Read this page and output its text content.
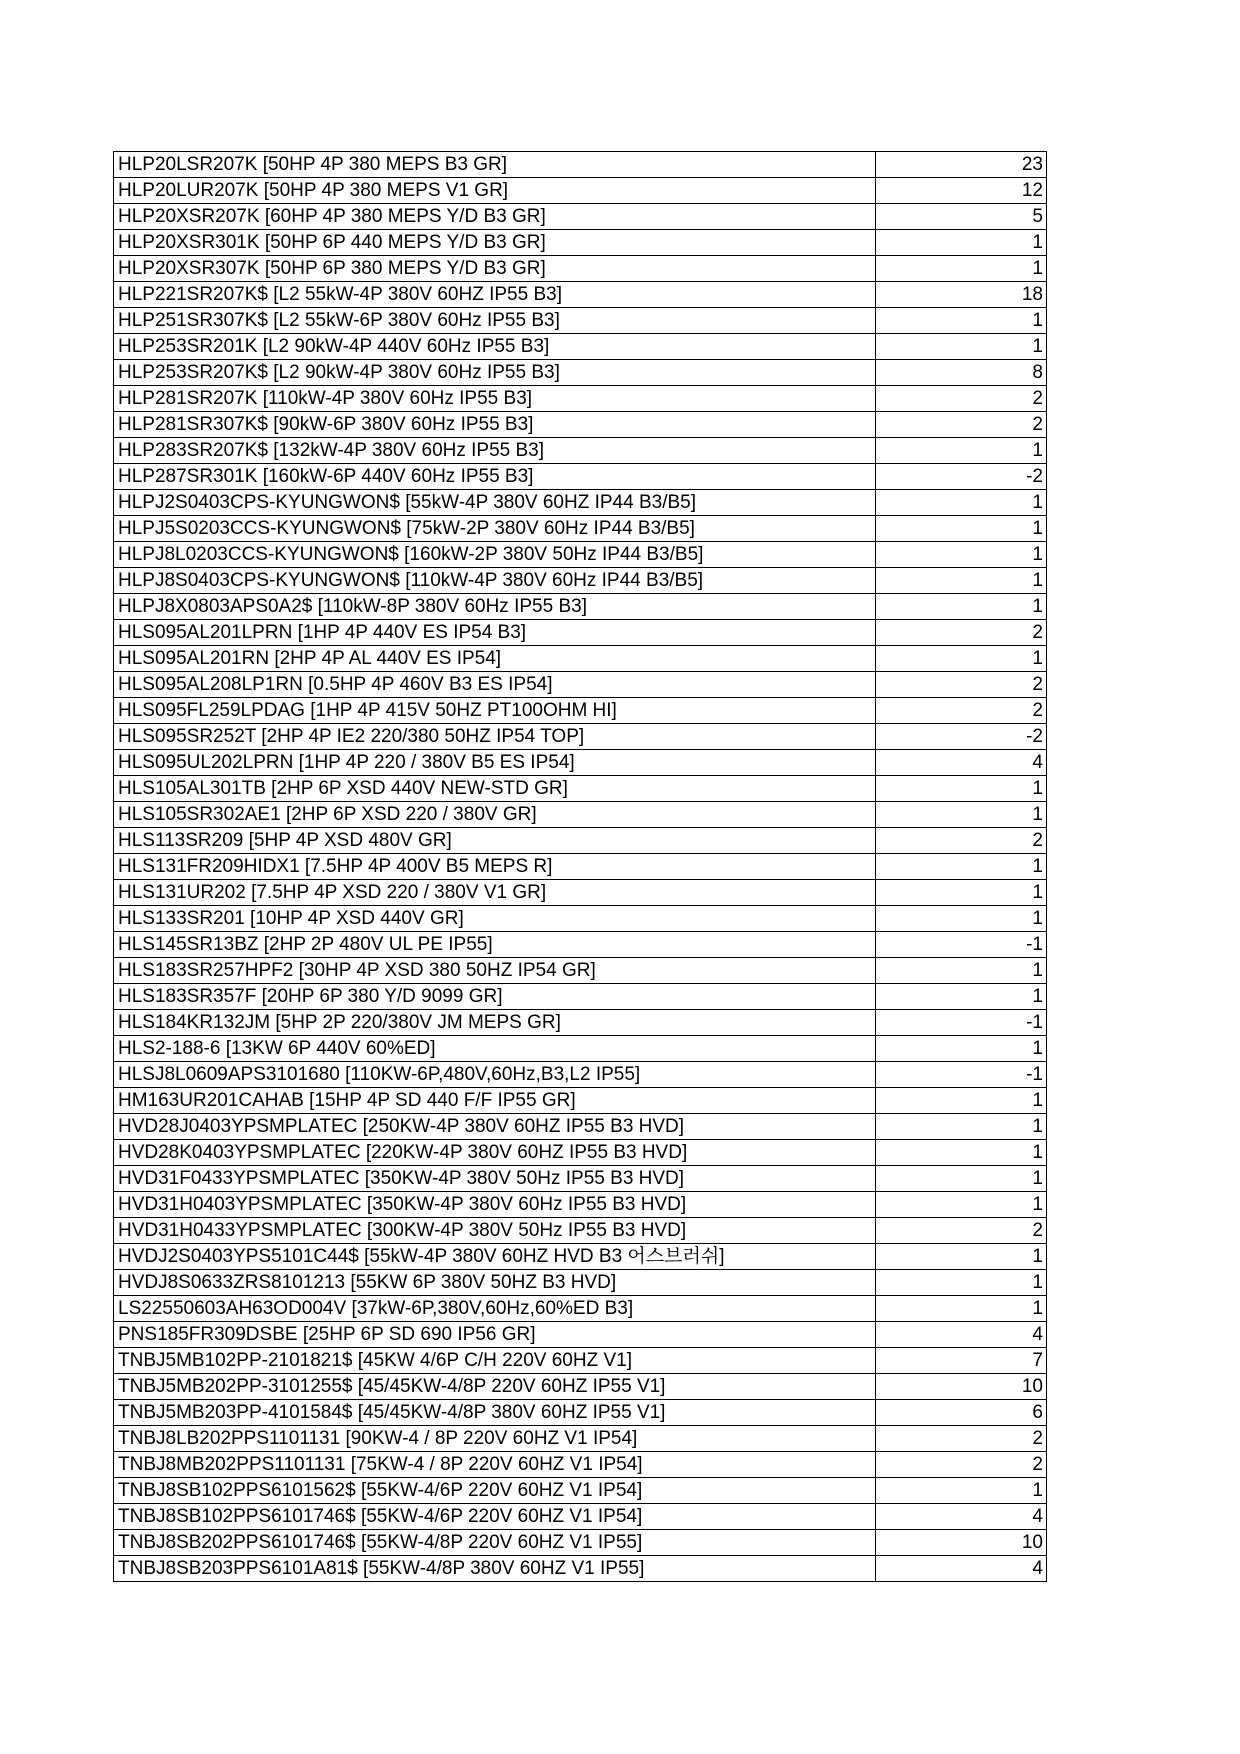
HLP20LSR207K [50HP 4P 380 MEPS B3 GR]	23
HLP20LUR207K [50HP 4P 380 MEPS V1 GR]	12
HLP20XSR207K [60HP 4P 380 MEPS Y/D B3 GR]	5
HLP20XSR301K [50HP 6P 440 MEPS Y/D B3 GR]	1
HLP20XSR307K [50HP 6P 380 MEPS Y/D B3 GR]	1
HLP221SR207K$ [L2 55kW-4P 380V 60HZ IP55 B3]	18
HLP251SR307K$ [L2 55kW-6P 380V 60Hz IP55 B3]	1
HLP253SR201K [L2 90kW-4P 440V 60Hz IP55 B3]	1
HLP253SR207K$ [L2 90kW-4P 380V 60Hz IP55 B3]	8
HLP281SR207K [110kW-4P 380V 60Hz IP55 B3]	2
HLP281SR307K$ [90kW-6P 380V 60Hz IP55 B3]	2
HLP283SR207K$ [132kW-4P 380V 60Hz IP55 B3]	1
HLP287SR301K [160kW-6P 440V 60Hz IP55 B3]	-2
HLPJ2S0403CPS-KYUNGWON$ [55kW-4P 380V 60HZ IP44 B3/B5]	1
HLPJ5S0203CCS-KYUNGWON$ [75kW-2P 380V 60Hz IP44 B3/B5]	1
HLPJ8L0203CCS-KYUNGWON$ [160kW-2P 380V 50Hz IP44 B3/B5]	1
HLPJ8S0403CPS-KYUNGWON$ [110kW-4P 380V 60Hz IP44 B3/B5]	1
HLPJ8X0803APS0A2$ [110kW-8P 380V 60Hz IP55 B3]	1
HLS095AL201LPRN [1HP 4P 440V ES IP54 B3]	2
HLS095AL201RN [2HP 4P AL 440V ES IP54]	1
HLS095AL208LP1RN [0.5HP 4P 460V B3 ES IP54]	2
HLS095FL259LPDAG [1HP 4P 415V 50HZ PT100OHM HI]	2
HLS095SR252T [2HP 4P IE2 220/380 50HZ IP54 TOP]	-2
HLS095UL202LPRN [1HP 4P 220 / 380V B5 ES IP54]	4
HLS105AL301TB [2HP 6P XSD 440V NEW-STD GR]	1
HLS105SR302AE1 [2HP 6P XSD 220 / 380V GR]	1
HLS113SR209 [5HP 4P XSD 480V GR]	2
HLS131FR209HIDX1 [7.5HP 4P 400V B5 MEPS R]	1
HLS131UR202 [7.5HP 4P XSD 220 / 380V V1 GR]	1
HLS133SR201 [10HP 4P XSD 440V GR]	1
HLS145SR13BZ [2HP 2P 480V UL PE IP55]	-1
HLS183SR257HPF2 [30HP 4P XSD 380 50HZ IP54 GR]	1
HLS183SR357F [20HP 6P 380 Y/D 9099 GR]	1
HLS184KR132JM [5HP 2P 220/380V JM MEPS GR]	-1
HLS2-188-6 [13KW 6P 440V 60%ED]	1
HLSJ8L0609APS3101680 [110KW-6P,480V,60Hz,B3,L2 IP55]	-1
HM163UR201CAHAB [15HP 4P SD 440 F/F IP55 GR]	1
HVD28J0403YPSMPLATEC [250KW-4P 380V 60HZ IP55 B3 HVD]	1
HVD28K0403YPSMPLATEC [220KW-4P 380V 60HZ IP55 B3 HVD]	1
HVD31F0433YPSMPLATEC [350KW-4P 380V 50Hz IP55 B3 HVD]	1
HVD31H0403YPSMPLATEC [350KW-4P 380V 60Hz IP55 B3 HVD]	1
HVD31H0433YPSMPLATEC [300KW-4P 380V 50Hz IP55 B3 HVD]	2
HVDJ2S0403YPS5101C44$ [55kW-4P 380V 60HZ HVD B3 어스브러쉬]	1
HVDJ8S0633ZRS8101213 [55KW 6P 380V 50HZ B3 HVD]	1
LS22550603AH63OD004V [37kW-6P,380V,60Hz,60%ED B3]	1
PNS185FR309DSBE [25HP 6P SD 690 IP56 GR]	4
TNBJ5MB102PP-2101821$ [45KW 4/6P C/H 220V 60HZ V1]	7
TNBJ5MB202PP-3101255$ [45/45KW-4/8P 220V 60HZ IP55 V1]	10
TNBJ5MB203PP-4101584$ [45/45KW-4/8P 380V 60HZ IP55 V1]	6
TNBJ8LB202PPS1101131 [90KW-4 / 8P 220V 60HZ V1 IP54]	2
TNBJ8MB202PPS1101131 [75KW-4 / 8P 220V 60HZ V1 IP54]	2
TNBJ8SB102PPS6101562$ [55KW-4/6P 220V 60HZ V1 IP54]	1
TNBJ8SB102PPS6101746$ [55KW-4/6P 220V 60HZ V1 IP54]	4
TNBJ8SB202PPS6101746$ [55KW-4/8P 220V 60HZ V1 IP55]	10
TNBJ8SB203PPS6101A81$ [55KW-4/8P 380V 60HZ V1 IP55]	4
